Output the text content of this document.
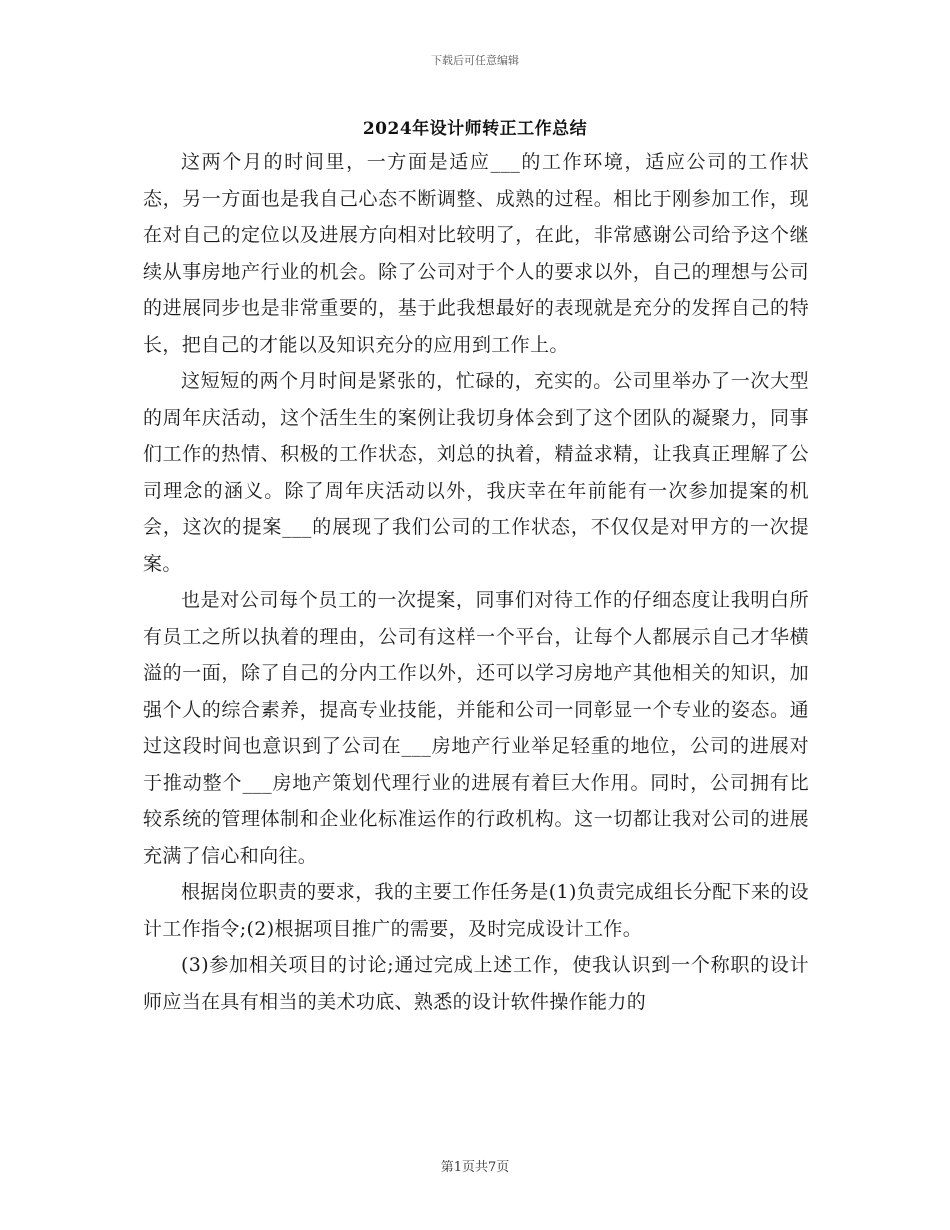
下载后可任意编辑
2024年设计师转正工作总结

这两个月的时间里，一方面是适应___的工作环境，适应公司的工作状态，另一方面也是我自己心态不断调整、成熟的过程。相比于刚参加工作，现在对自己的定位以及进展方向相对比较明了，在此，非常感谢公司给予这个继续从事房地产行业的机会。除了公司对于个人的要求以外，自己的理想与公司的进展同步也是非常重要的，基于此我想最好的表现就是充分的发挥自己的特长，把自己的才能以及知识充分的应用到工作上。

这短短的两个月时间是紧张的，忙碌的，充实的。公司里举办了一次大型的周年庆活动，这个活生生的案例让我切身体会到了这个团队的凝聚力，同事们工作的热情、积极的工作状态，刘总的执着，精益求精，让我真正理解了公司理念的涵义。除了周年庆活动以外，我庆幸在年前能有一次参加提案的机会，这次的提案___的展现了我们公司的工作状态，不仅仅是对甲方的一次提案。

也是对公司每个员工的一次提案，同事们对待工作的仔细态度让我明白所有员工之所以执着的理由，公司有这样一个平台，让每个人都展示自己才华横溢的一面，除了自己的分内工作以外，还可以学习房地产其他相关的知识，加强个人的综合素养，提高专业技能，并能和公司一同彰显一个专业的姿态。通过这段时间也意识到了公司在___房地产行业举足轻重的地位，公司的进展对于推动整个___房地产策划代理行业的进展有着巨大作用。同时，公司拥有比较系统的管理体制和企业化标准运作的行政机构。这一切都让我对公司的进展充满了信心和向往。

根据岗位职责的要求，我的主要工作任务是(1)负责完成组长分配下来的设计工作指令;(2)根据项目推广的需要，及时完成设计工作。

(3)参加相关项目的讨论;通过完成上述工作，使我认识到一个称职的设计师应当在具有相当的美术功底、熟悉的设计软件操作能力的

第1页共7页
